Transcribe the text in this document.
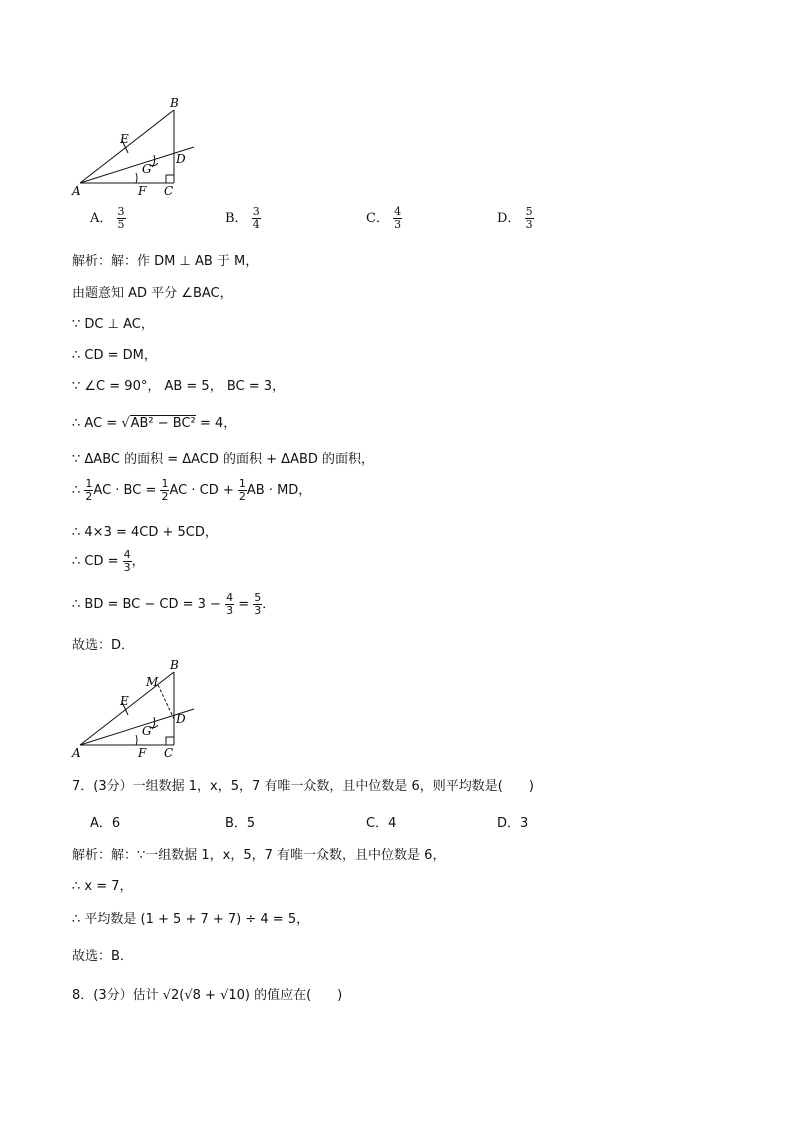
B
E
G
D
A	F C
A． $\frac{3}{5}$	B． $\frac{3}{4}$	C． $\frac{4}{3}$	D． $\frac{5}{3}$
解析：解：作 DM ⊥ AB 于 M，
由题意知 AD 平分 ∠BAC，
∵ DC ⊥ AC，
∴ CD = DM，
∵ ∠C = 90°， AB = 5， BC = 3，
∴ AC = √AB² − BC² = 4，
∵ ΔABC 的面积 = ΔACD 的面积 + ΔABD 的面积，
∴ $\frac{1}{2}$ AC · BC = $\frac{1}{2}$ AC · CD + $\frac{1}{2}$ AB · MD，
∴ 4×3 = 4CD + 5CD，
∴ CD = $\frac{4}{3}$ ，
∴ BD = BC − CD = $3 - \frac{4}{3} = \frac{5}{3}$ ．
故选：D．
B
M
E
G
D
A	F C
7．(3分）一组数据 1，x，5，7 有唯一众数，且中位数是 6，则平均数是(　　)
A．6	B．5	C．4	D．3
解析：解：∵一组数据 1，x，5，7 有唯一众数，且中位数是 6，
∴ x = 7，
∴ 平均数是 (1 + 5 + 7 + 7) ÷ 4 = 5，
故选：B．
8．(3分）估计 √2(√8 + √10) 的值应在(　　)
